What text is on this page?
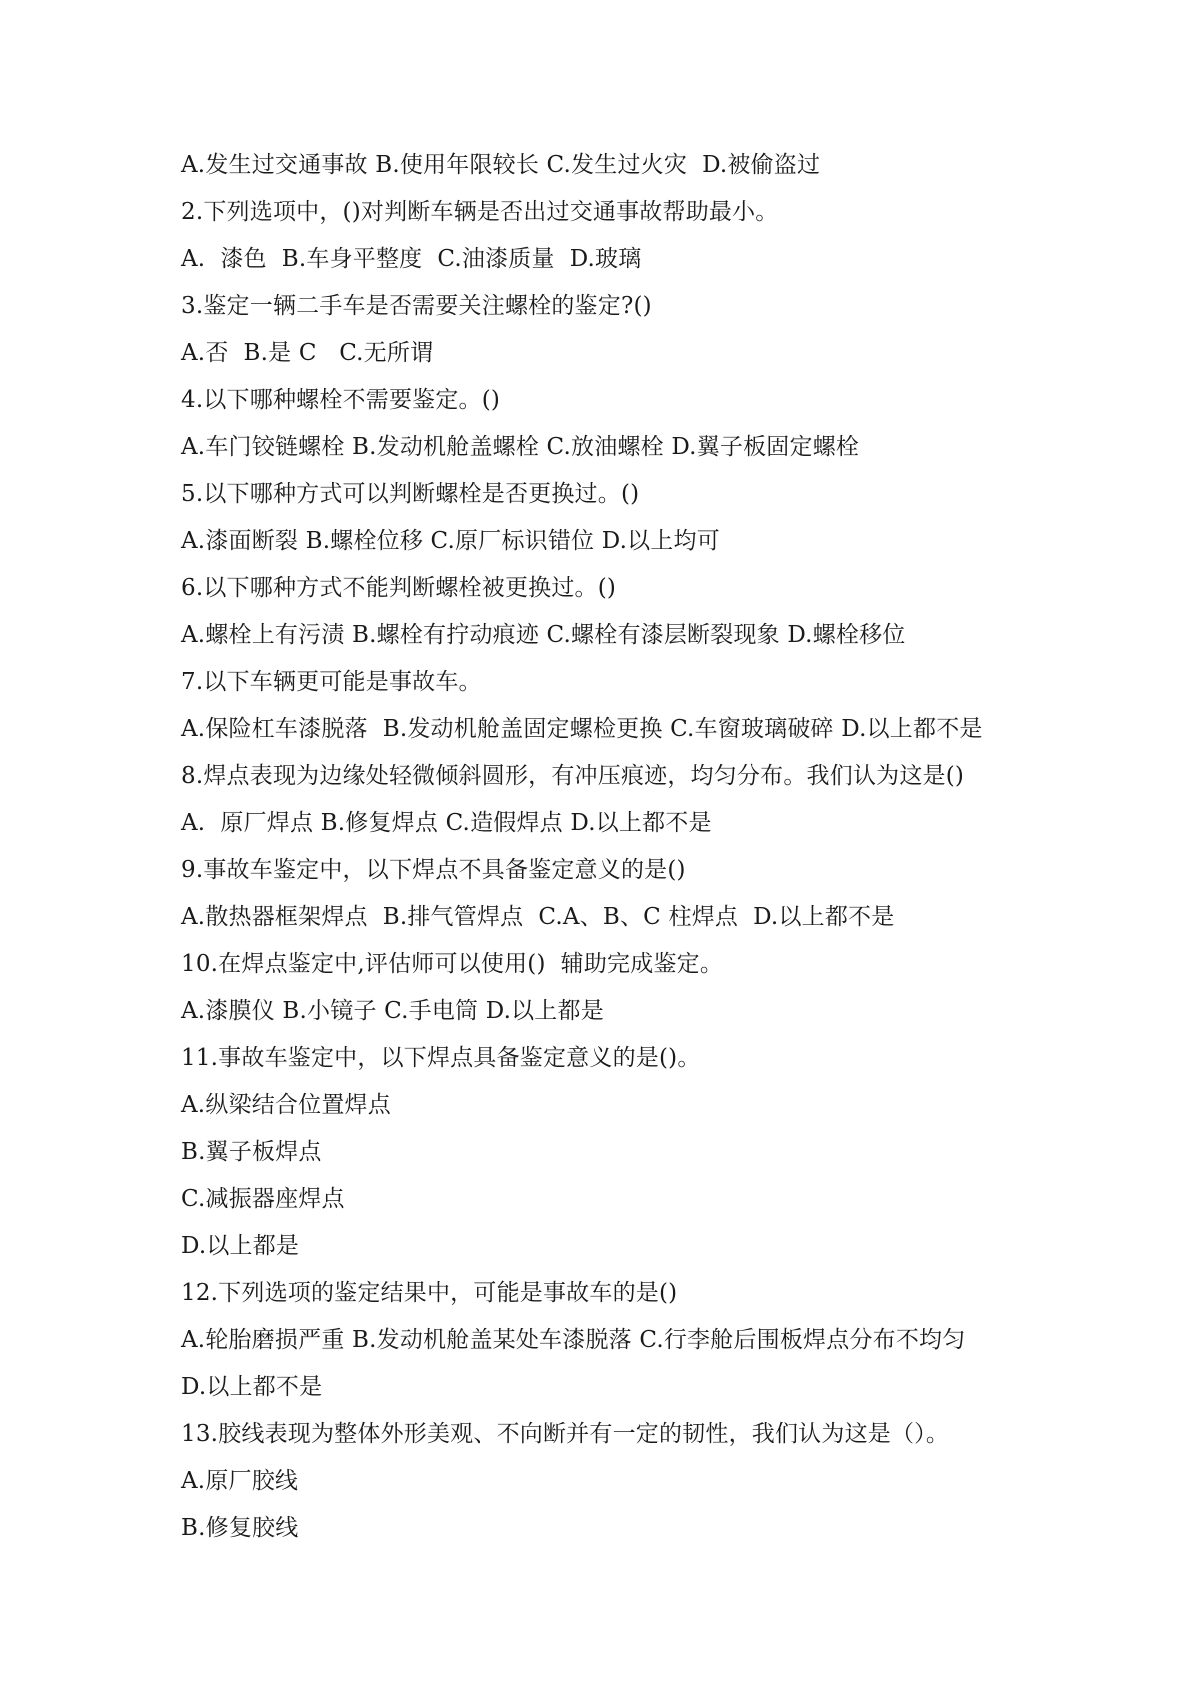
A.发生过交通事故 B.使用年限较长 C.发生过火灾  D.被偷盗过
2.下列选项中，()对判断车辆是否出过交通事故帮助最小。
A.  漆色  B.车身平整度  C.油漆质量  D.玻璃
3.鉴定一辆二手车是否需要关注螺栓的鉴定?()
A.否  B.是 C   C.无所谓
4.以下哪种螺栓不需要鉴定。()
A.车门铰链螺栓 B.发动机舱盖螺栓 C.放油螺栓 D.翼子板固定螺栓
5.以下哪种方式可以判断螺栓是否更换过。()
A.漆面断裂 B.螺栓位移 C.原厂标识错位 D.以上均可
6.以下哪种方式不能判断螺栓被更换过。()
A.螺栓上有污渍 B.螺栓有拧动痕迹 C.螺栓有漆层断裂现象 D.螺栓移位
7.以下车辆更可能是事故车。
A.保险杠车漆脱落  B.发动机舱盖固定螺检更换 C.车窗玻璃破碎 D.以上都不是
8.焊点表现为边缘处轻微倾斜圆形，有冲压痕迹，均匀分布。我们认为这是()
A.  原厂焊点 B.修复焊点 C.造假焊点 D.以上都不是
9.事故车鉴定中，以下焊点不具备鉴定意义的是()
A.散热器框架焊点  B.排气管焊点  C.A、B、C 柱焊点  D.以上都不是
10.在焊点鉴定中,评估师可以使用()  辅助完成鉴定。
A.漆膜仪 B.小镜子 C.手电筒 D.以上都是
11.事故车鉴定中，以下焊点具备鉴定意义的是()。
A.纵梁结合位置焊点
B.翼子板焊点
C.减振器座焊点
D.以上都是
12.下列选项的鉴定结果中，可能是事故车的是()
A.轮胎磨损严重 B.发动机舱盖某处车漆脱落 C.行李舱后围板焊点分布不均匀
D.以上都不是
13.胶线表现为整体外形美观、不向断并有一定的韧性，我们认为这是（）。
A.原厂胶线
B.修复胶线
